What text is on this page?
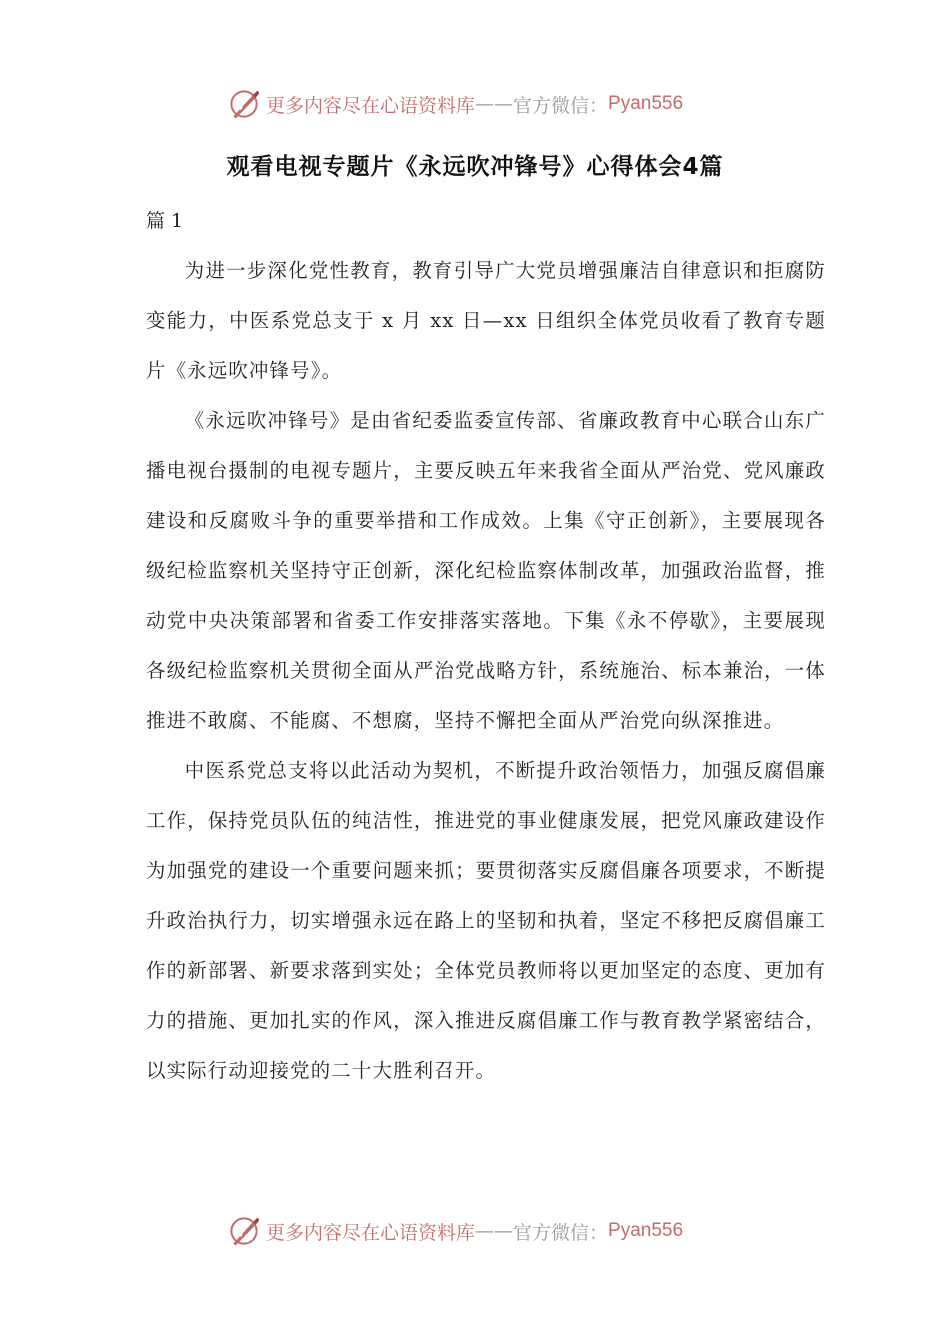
更多内容尽在心语资料库 —— 官方微信： Pyan556
观看电视专题片《永远吹冲锋号》心得体会4篇
篇 1

为进一步深化党性教育，教育引导广大党员增强廉洁自律意识和拒腐防变能力，中医系党总支于 x 月 xx 日—xx 日组织全体党员收看了教育专题片《永远吹冲锋号》。

《永远吹冲锋号》是由省纪委监委宣传部、省廉政教育中心联合山东广播电视台摄制的电视专题片，主要反映五年来我省全面从严治党、党风廉政建设和反腐败斗争的重要举措和工作成效。上集《守正创新》，主要展现各级纪检监察机关坚持守正创新，深化纪检监察体制改革，加强政治监督，推动党中央决策部署和省委工作安排落实落地。下集《永不停歇》，主要展现各级纪检监察机关贯彻全面从严治党战略方针，系统施治、标本兼治，一体推进不敢腐、不能腐、不想腐，坚持不懈把全面从严治党向纵深推进。

中医系党总支将以此活动为契机，不断提升政治领悟力，加强反腐倡廉工作，保持党员队伍的纯洁性，推进党的事业健康发展，把党风廉政建设作为加强党的建设一个重要问题来抓；要贯彻落实反腐倡廉各项要求，不断提升政治执行力，切实增强永远在路上的坚韧和执着，坚定不移把反腐倡廉工作的新部署、新要求落到实处；全体党员教师将以更加坚定的态度、更加有力的措施、更加扎实的作风，深入推进反腐倡廉工作与教育教学紧密结合，以实际行动迎接党的二十大胜利召开。

更多内容尽在心语资料库 —— 官方微信： Pyan556
